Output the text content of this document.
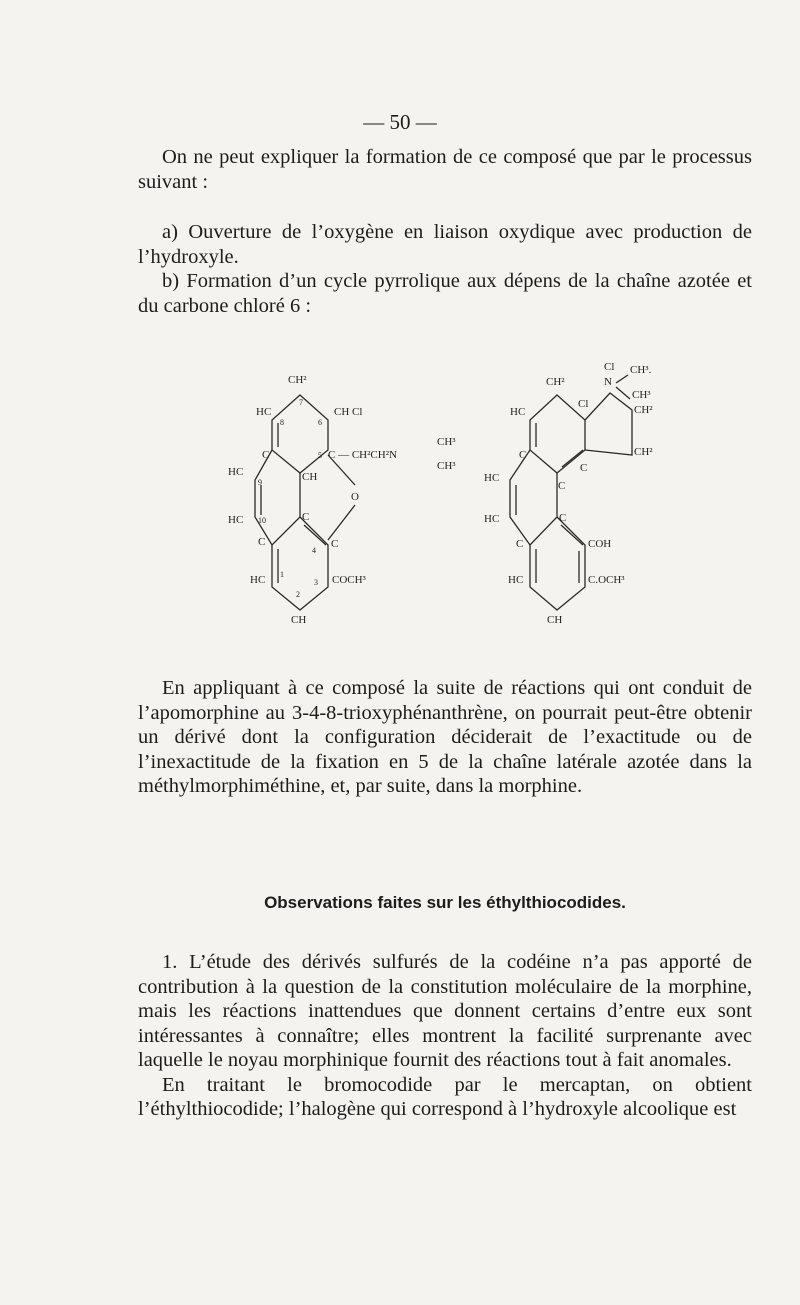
— 50 —

On ne peut expliquer la formation de ce composé que par le processus suivant :

a) Ouverture de l’oxygène en liaison oxydique avec production de l’hydroxyle.

b) Formation d’un cycle pyrrolique aux dépens de la chaîne azotée et du carbone chloré 6 :

CH²
7
8	6
HC	CH Cl
C	5 C — CH²CH²N
CH³
CH³
HC
9	CH
O
HC 10	C
C
4
C
HC 1
2
3 COCH³
CH
Cl
N
CH³.
CH³
CH²
HC
Cl	CH²
C
C
CH²
HC
C
HC	C
C	COH
HC	C.OCH³
CH

En appliquant à ce composé la suite de réactions qui ont conduit de l’apomorphine au 3-4-8-trioxyphénanthrène, on pourrait peut-être obtenir un dérivé dont la configuration déciderait de l’exactitude ou de l’inexactitude de la fixation en 5 de la chaîne latérale azotée dans la méthylmorphiméthine, et, par suite, dans la morphine.

Observations faites sur les éthylthiocodides.

1. L’étude des dérivés sulfurés de la codéine n’a pas apporté de contribution à la question de la constitution moléculaire de la morphine, mais les réactions inattendues que donnent certains d’entre eux sont intéressantes à connaître; elles montrent la facilité surprenante avec laquelle le noyau morphinique fournit des réactions tout à fait anomales.

En traitant le bromocodide par le mercaptan, on obtient l’éthylthiocodide; l’halogène qui correspond à l’hydroxyle alcoolique est
